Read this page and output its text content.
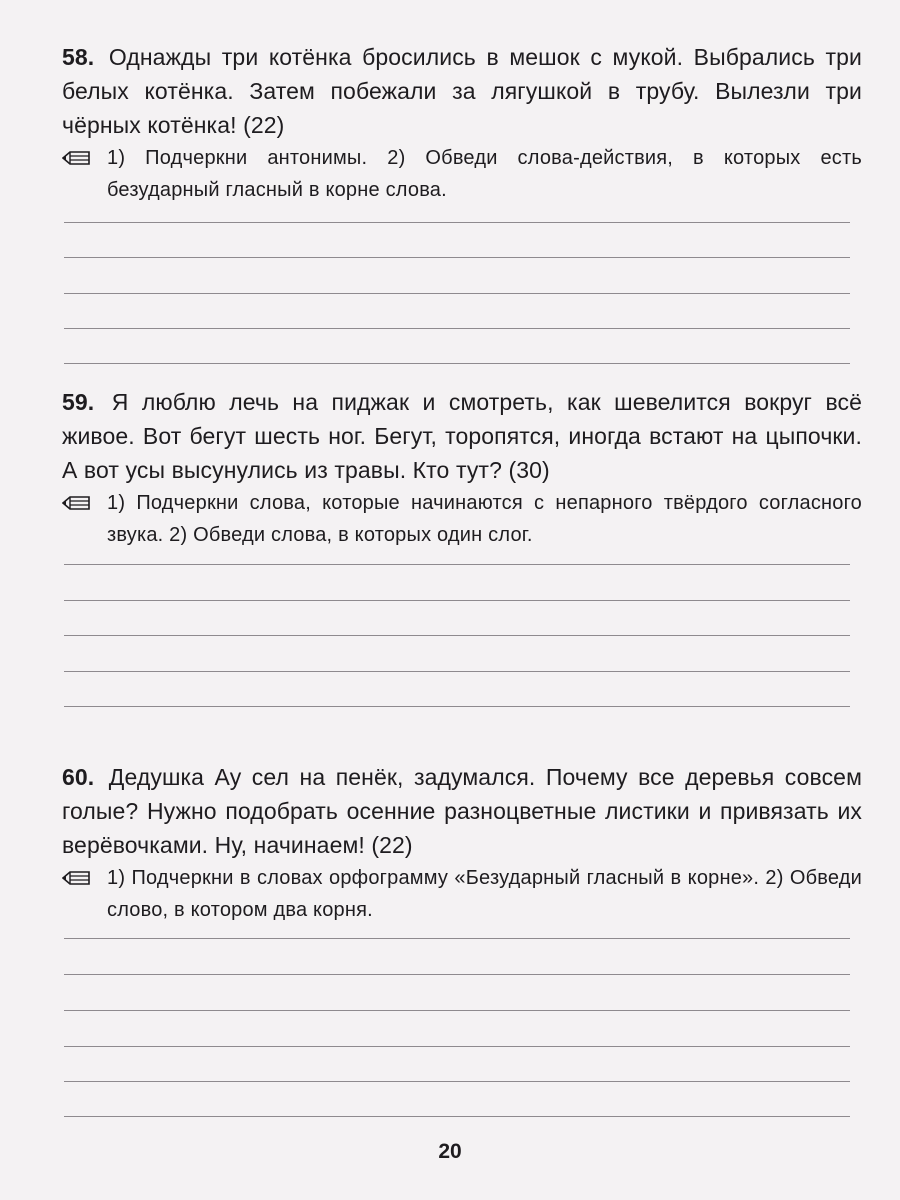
58. Однажды три котёнка бросились в мешок с мукой. Выбрались три белых котёнка. Затем побежали за лягушкой в трубу. Вылезли три чёрных котёнка! (22)

1) Подчеркни антонимы. 2) Обведи слова-действия, в которых есть безударный гласный в корне слова.

59. Я люблю лечь на пиджак и смотреть, как шевелится вокруг всё живое. Вот бегут шесть ног. Бегут, торопятся, иногда встают на цыпочки. А вот усы высунулись из травы. Кто тут? (30)

1) Подчеркни слова, которые начинаются с непарного твёрдого согласного звука. 2) Обведи слова, в которых один слог.

60. Дедушка Ау сел на пенёк, задумался. Почему все деревья совсем голые? Нужно подобрать осенние разноцветные листики и привязать их верёвочками. Ну, начинаем! (22)

1) Подчеркни в словах орфограмму «Безударный гласный в корне». 2) Обведи слово, в котором два корня.

20
